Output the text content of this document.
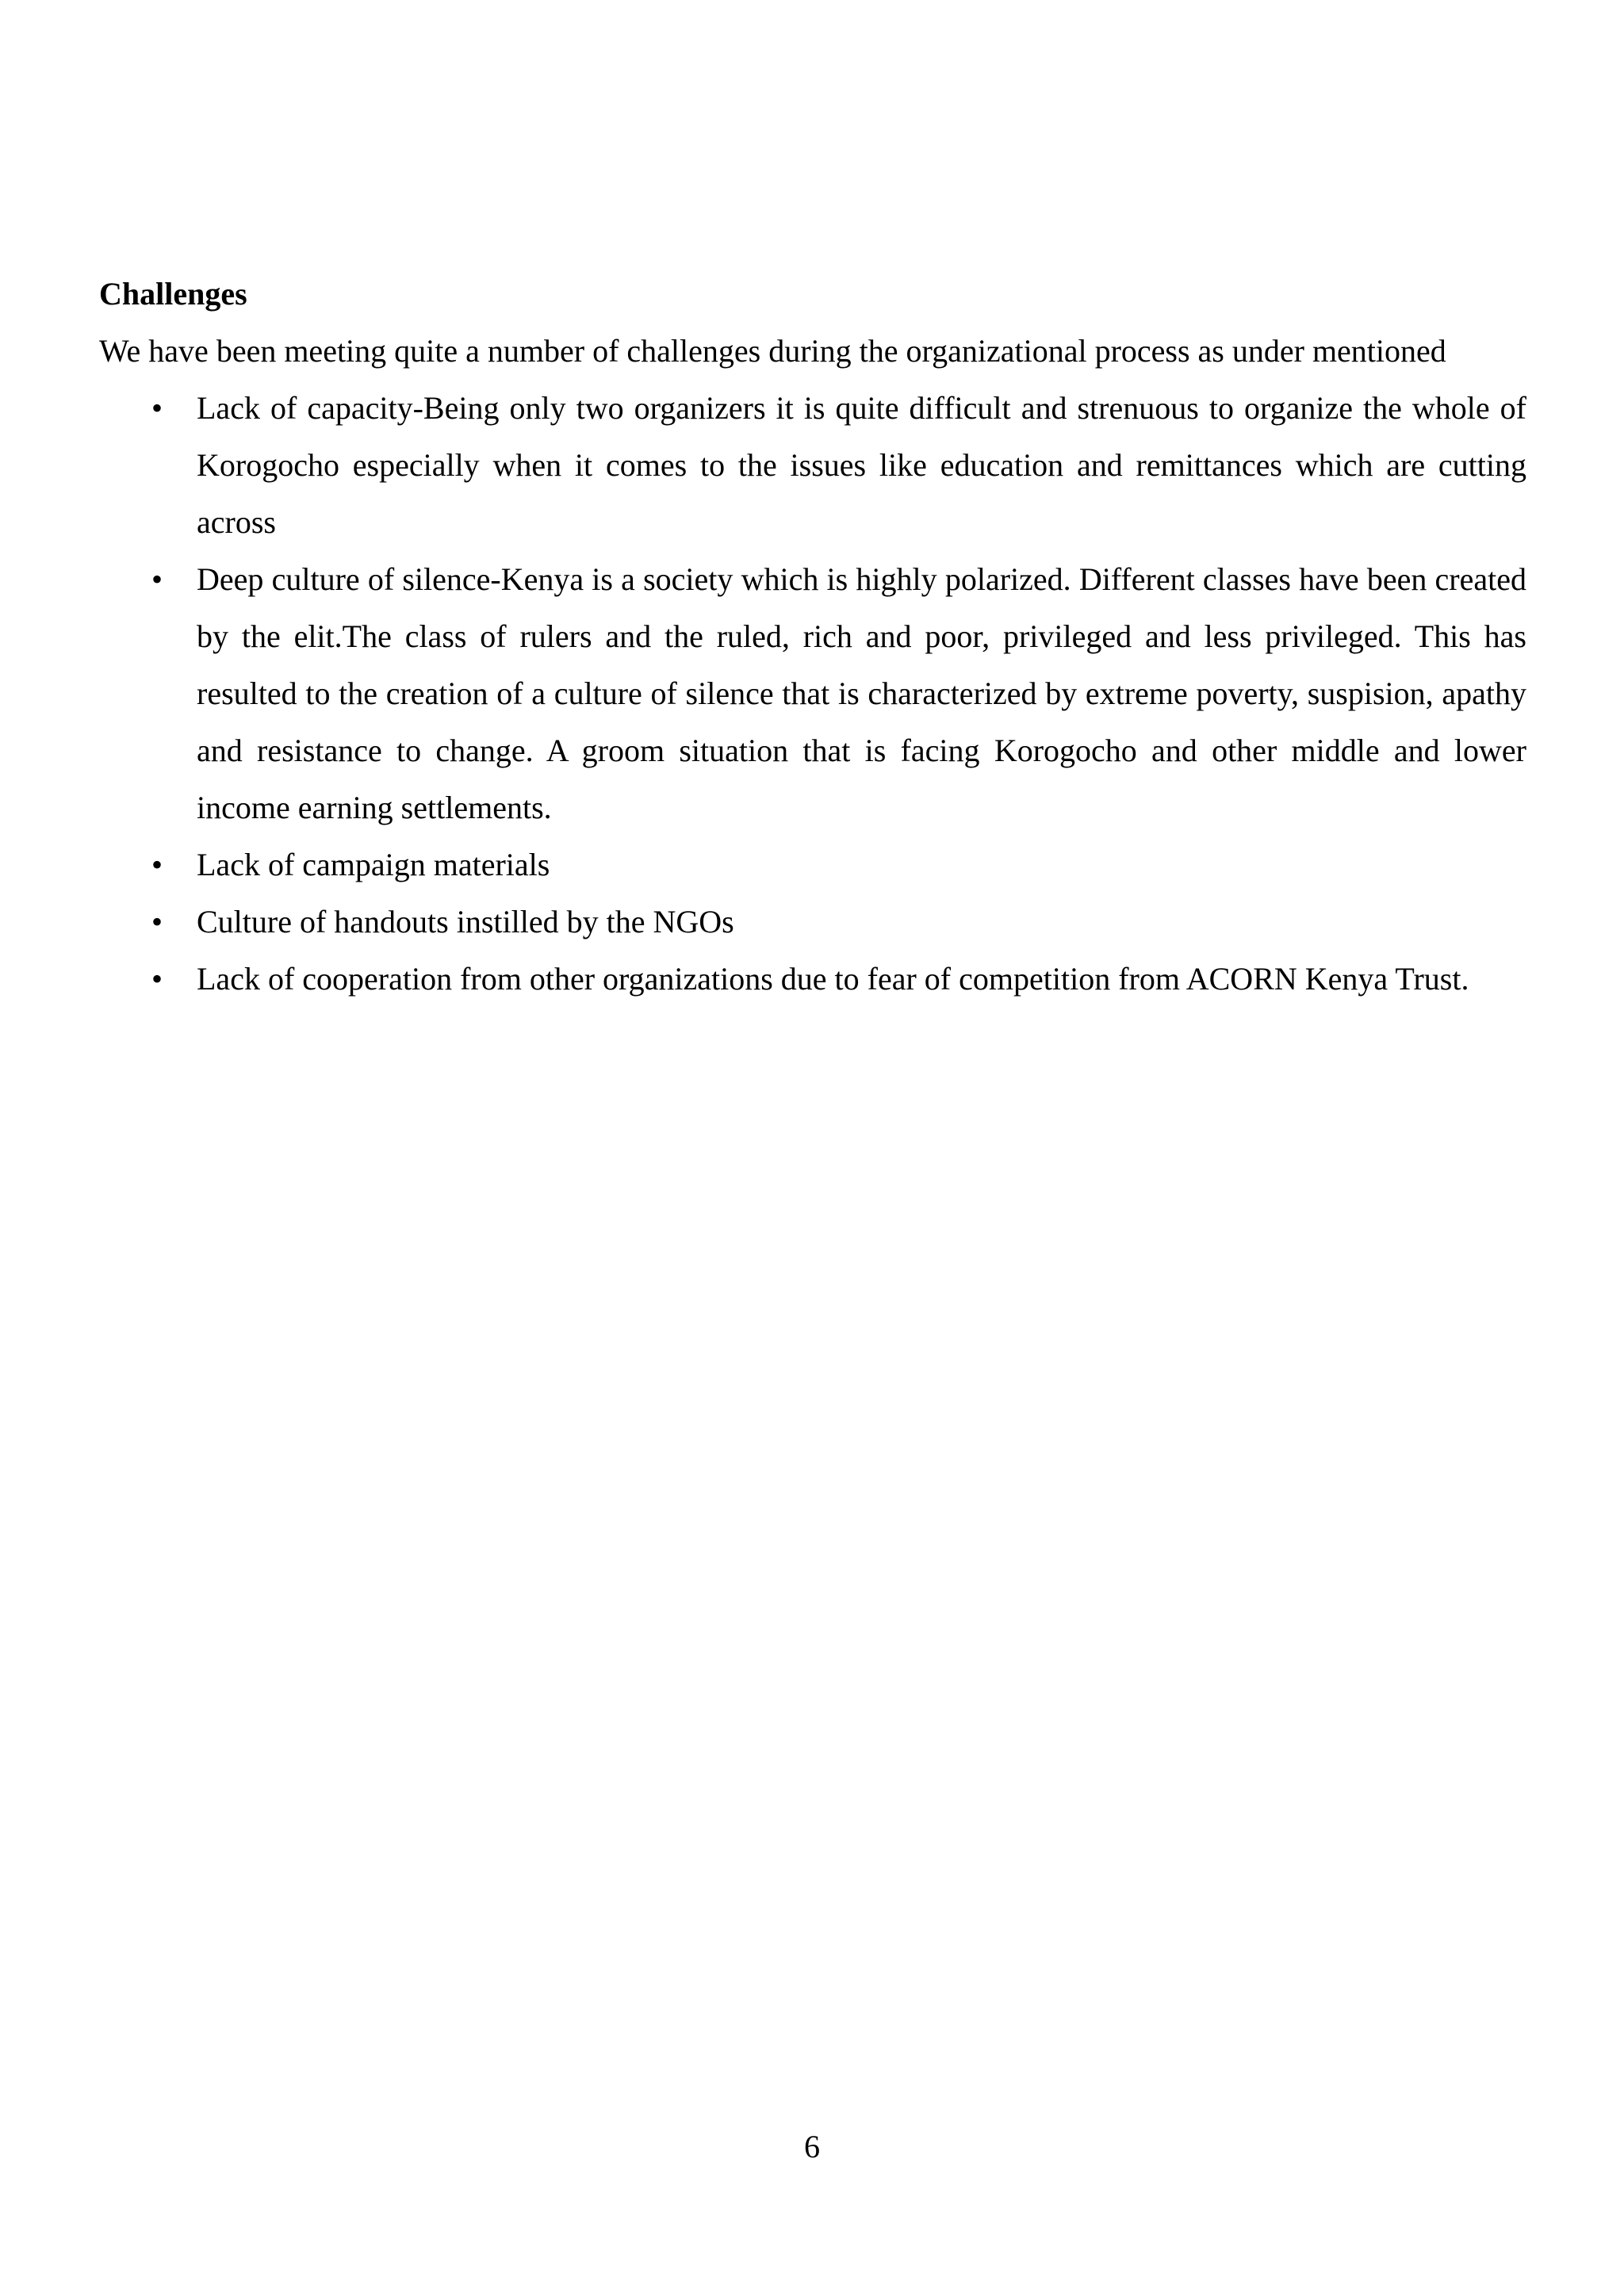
Challenges

We have been meeting quite a number of challenges during the organizational process as under mentioned

• Lack of capacity-Being only two organizers it is quite difficult and strenuous to organize the whole of Korogocho especially when it comes to the issues like education and remittances which are cutting across
• Deep culture of silence-Kenya is a society which is highly polarized. Different classes have been created by the elit.The class of rulers and the ruled, rich and poor, privileged and less privileged. This has resulted to the creation of a culture of silence that is characterized by extreme poverty, suspision, apathy and resistance to change. A groom situation that is facing Korogocho and other middle and lower income earning settlements.
• Lack of campaign materials
• Culture of handouts instilled by the NGOs
• Lack of cooperation from other organizations due to fear of competition from ACORN Kenya Trust.
6
